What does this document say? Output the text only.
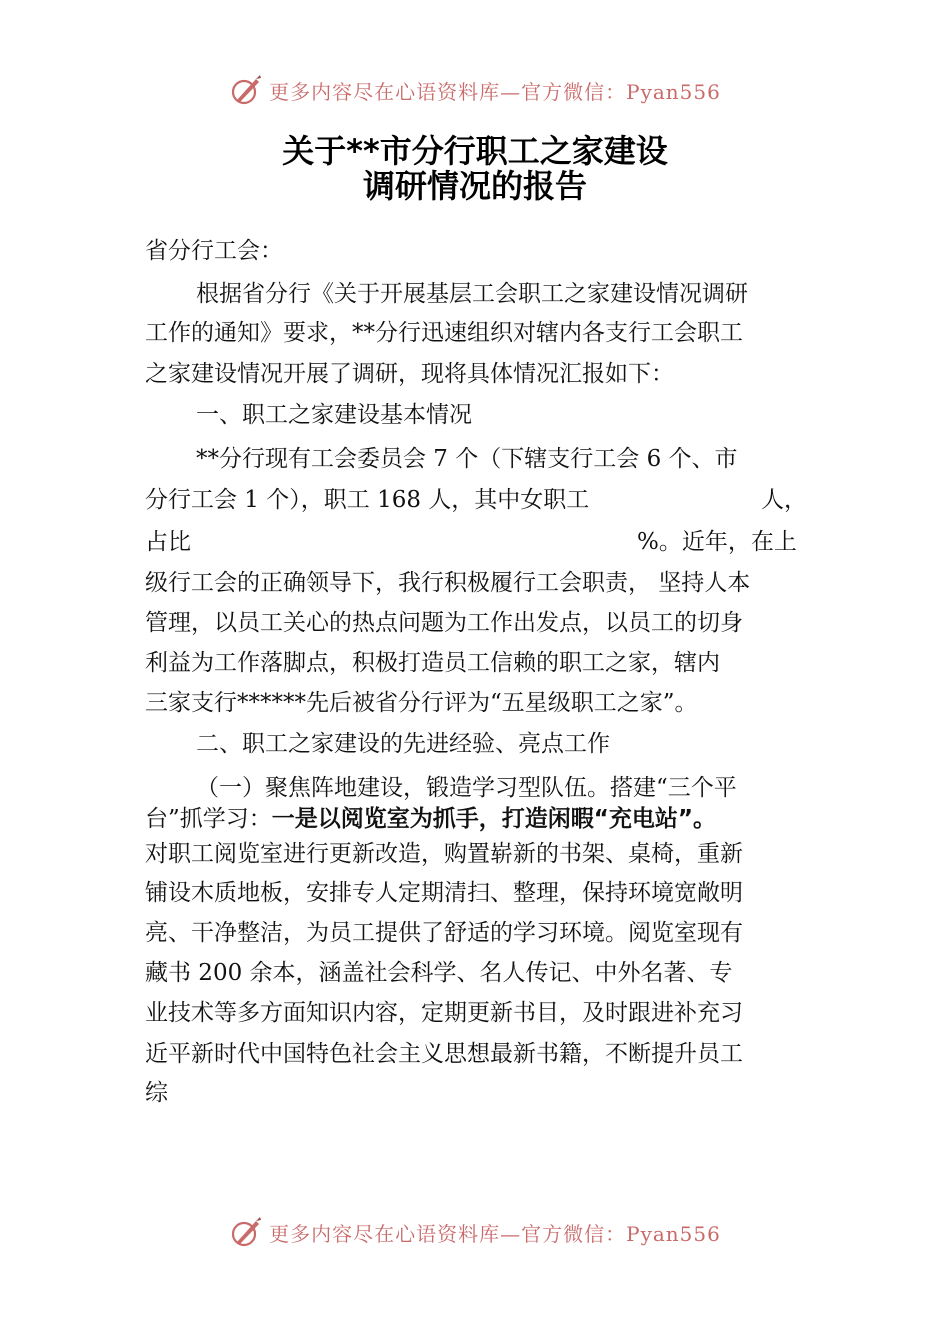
更多内容尽在心语资料库—官方微信：Pyan556
关于**市分行职工之家建设
调研情况的报告
省分行工会：
根据省分行《关于开展基层工会职工之家建设情况调研
工作的通知》要求，**分行迅速组织对辖内各支行工会职工
之家建设情况开展了调研，现将具体情况汇报如下：
一、职工之家建设基本情况
**分行现有工会委员会 7 个（下辖支行工会 6 个、市
分行工会 1 个），职工 168 人，其中女职工	人，
占比	%。近年，在上
级行工会的正确领导下，我行积极履行工会职责， 坚持人本
管理，以员工关心的热点问题为工作出发点，以员工的切身
利益为工作落脚点，积极打造员工信赖的职工之家，辖内
三家支行******先后被省分行评为“五星级职工之家”。
二、职工之家建设的先进经验、亮点工作
（一）聚焦阵地建设，锻造学习型队伍。搭建“三个平
台”抓学习：一是以阅览室为抓手，打造闲暇“充电站”。
对职工阅览室进行更新改造，购置崭新的书架、桌椅，重新
铺设木质地板，安排专人定期清扫、整理，保持环境宽敞明
亮、干净整洁，为员工提供了舒适的学习环境。阅览室现有
藏书 200 余本，涵盖社会科学、名人传记、中外名著、专
业技术等多方面知识内容，定期更新书目，及时跟进补充习
近平新时代中国特色社会主义思想最新书籍，不断提升员工
综
更多内容尽在心语资料库—官方微信：Pyan556
